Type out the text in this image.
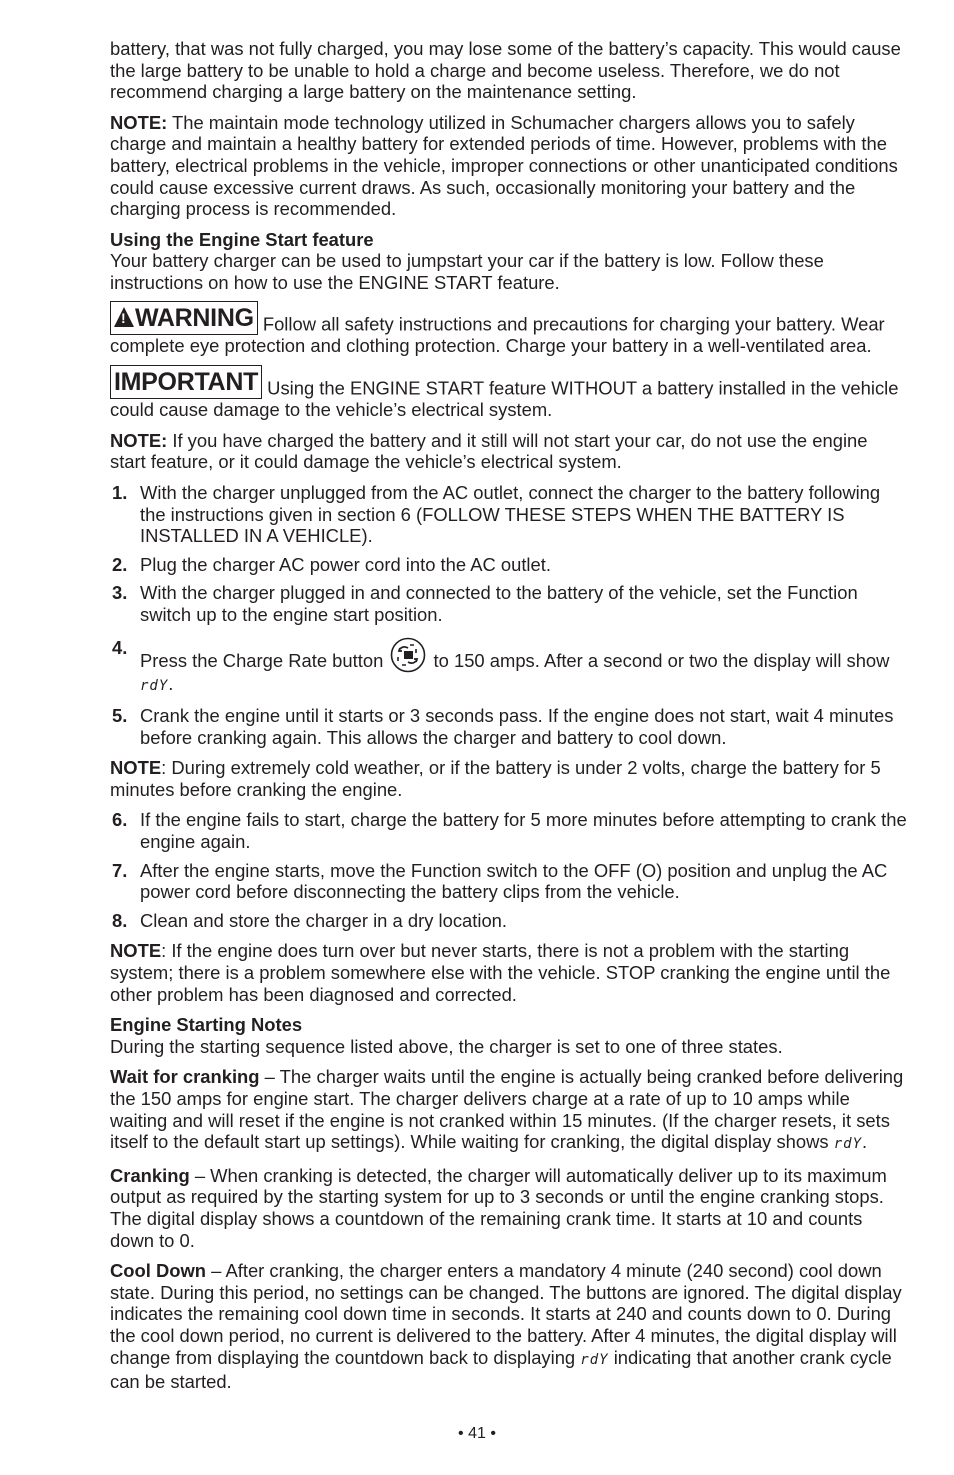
battery, that was not fully charged, you may lose some of the battery’s capacity. This would cause the large battery to be unable to hold a charge and become useless. Therefore, we do not recommend charging a large battery on the maintenance setting.

NOTE: The maintain mode technology utilized in Schumacher chargers allows you to safely charge and maintain a healthy battery for extended periods of time. However, problems with the battery, electrical problems in the vehicle, improper connections or other unanticipated conditions could cause excessive current draws. As such, occasionally monitoring your battery and the charging process is recommended.

Using the Engine Start feature
Your battery charger can be used to jumpstart your car if the battery is low. Follow these instructions on how to use the ENGINE START feature.

!WARNING Follow all safety instructions and precautions for charging your battery. Wear complete eye protection and clothing protection. Charge your battery in a well-ventilated area.

IMPORTANT Using the ENGINE START feature WITHOUT a battery installed in the vehicle could cause damage to the vehicle’s electrical system.

NOTE: If you have charged the battery and it still will not start your car, do not use the engine start feature, or it could damage the vehicle’s electrical system.

1. With the charger unplugged from the AC outlet, connect the charger to the battery following the instructions given in section 6 (FOLLOW THESE STEPS WHEN THE BATTERY IS INSTALLED IN A VEHICLE).
2. Plug the charger AC power cord into the AC outlet.
3. With the charger plugged in and connected to the battery of the vehicle, set the Function switch up to the engine start position.
4.
Press the Charge Rate button  to 150 amps. After a second or two the display will show rdY.
5. Crank the engine until it starts or 3 seconds pass. If the engine does not start, wait 4 minutes before cranking again. This allows the charger and battery to cool down.

NOTE: During extremely cold weather, or if the battery is under 2 volts, charge the battery for 5 minutes before cranking the engine.

6. If the engine fails to start, charge the battery for 5 more minutes before attempting to crank the engine again.
7. After the engine starts, move the Function switch to the OFF (O) position and unplug the AC power cord before disconnecting the battery clips from the vehicle.
8. Clean and store the charger in a dry location.

NOTE: If the engine does turn over but never starts, there is not a problem with the starting system; there is a problem somewhere else with the vehicle. STOP cranking the engine until the other problem has been diagnosed and corrected.

Engine Starting Notes
During the starting sequence listed above, the charger is set to one of three states.

Wait for cranking – The charger waits until the engine is actually being cranked before delivering the 150 amps for engine start. The charger delivers charge at a rate of up to 10 amps while waiting and will reset if the engine is not cranked within 15 minutes. (If the charger resets, it sets itself to the default start up settings). While waiting for cranking, the digital display shows rdY.

Cranking – When cranking is detected, the charger will automatically deliver up to its maximum output as required by the starting system for up to 3 seconds or until the engine cranking stops. The digital display shows a countdown of the remaining crank time. It starts at 10 and counts down to 0.

Cool Down – After cranking, the charger enters a mandatory 4 minute (240 second) cool down state. During this period, no settings can be changed. The buttons are ignored. The digital display indicates the remaining cool down time in seconds. It starts at 240 and counts down to 0. During the cool down period, no current is delivered to the battery. After 4 minutes, the digital display will change from displaying the countdown back to displaying rdY indicating that another crank cycle can be started.

• 41 •
